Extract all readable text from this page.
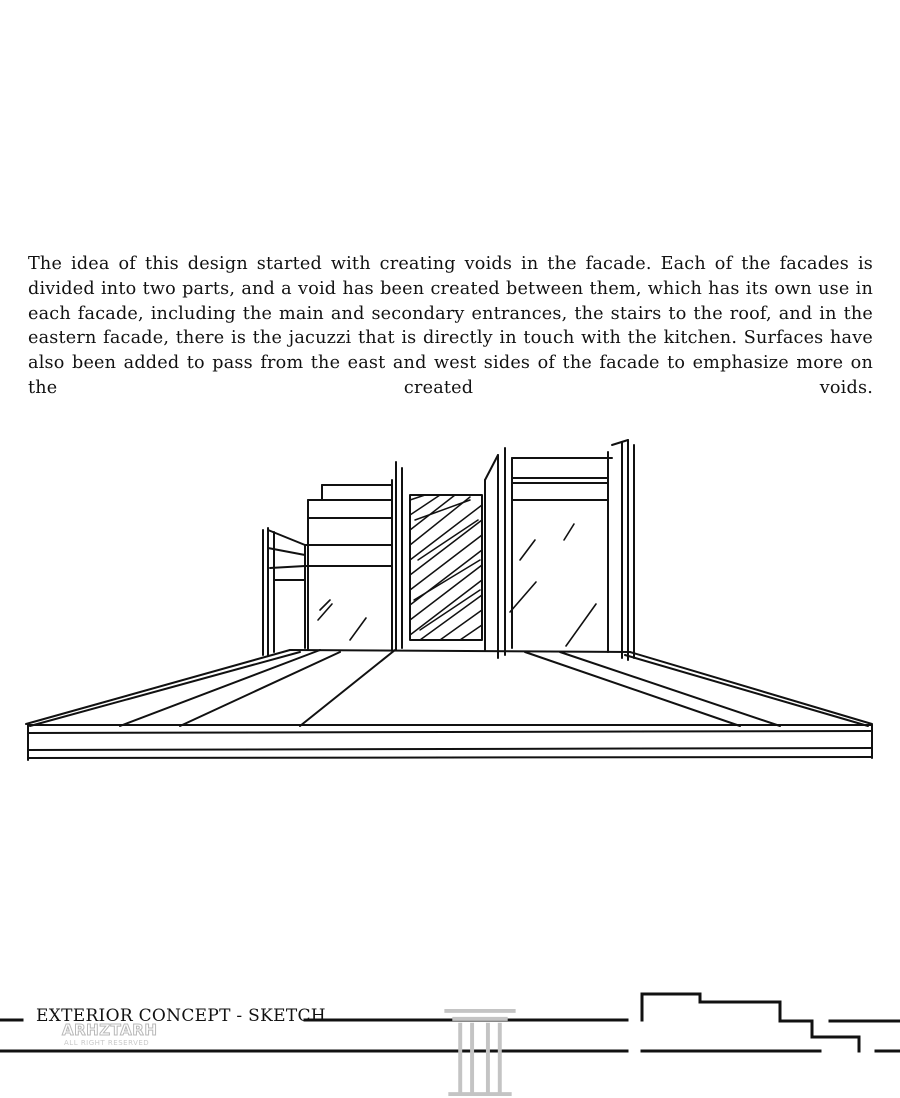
The idea of this design started with creating voids in the facade. Each of the facades is divided into two parts, and a void has been created between them, which has its own use in each facade, including the main and secondary entrances, the stairs to the roof, and in the eastern facade, there is the jacuzzi that is directly in touch with the kitchen. Surfaces have also been added to pass from the east and west sides of the facade to emphasize more on the created voids.

EXTERIOR CONCEPT - SKETCH
ARHZTARH
ALL RIGHT RESERVED
